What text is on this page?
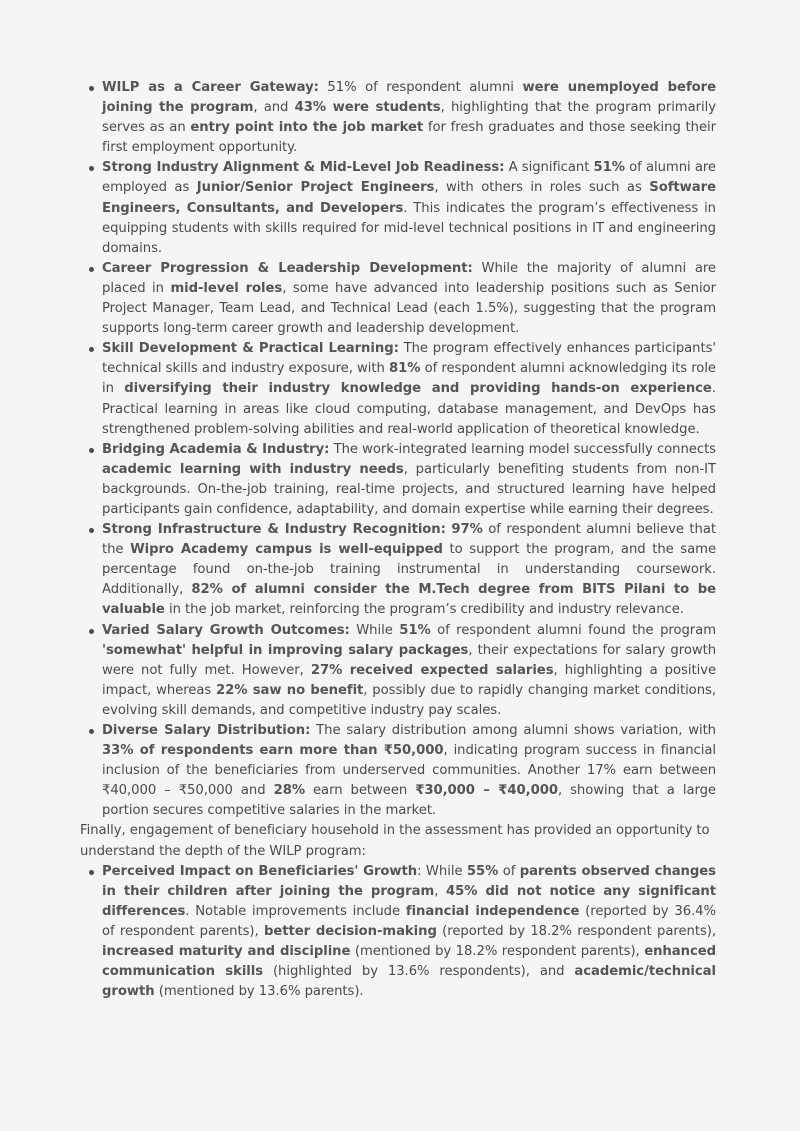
WILP as a Career Gateway: 51% of respondent alumni were unemployed before joining the program, and 43% were students, highlighting that the program primarily serves as an entry point into the job market for fresh graduates and those seeking their first employment opportunity.
Strong Industry Alignment & Mid-Level Job Readiness: A significant 51% of alumni are employed as Junior/Senior Project Engineers, with others in roles such as Software Engineers, Consultants, and Developers. This indicates the program’s effectiveness in equipping students with skills required for mid-level technical positions in IT and engineering domains.
Career Progression & Leadership Development: While the majority of alumni are placed in mid-level roles, some have advanced into leadership positions such as Senior Project Manager, Team Lead, and Technical Lead (each 1.5%), suggesting that the program supports long-term career growth and leadership development.
Skill Development & Practical Learning: The program effectively enhances participants' technical skills and industry exposure, with 81% of respondent alumni acknowledging its role in diversifying their industry knowledge and providing hands-on experience. Practical learning in areas like cloud computing, database management, and DevOps has strengthened problem-solving abilities and real-world application of theoretical knowledge.
Bridging Academia & Industry: The work-integrated learning model successfully connects academic learning with industry needs, particularly benefiting students from non-IT backgrounds. On-the-job training, real-time projects, and structured learning have helped participants gain confidence, adaptability, and domain expertise while earning their degrees.
Strong Infrastructure & Industry Recognition: 97% of respondent alumni believe that the Wipro Academy campus is well-equipped to support the program, and the same percentage found on-the-job training instrumental in understanding coursework. Additionally, 82% of alumni consider the M.Tech degree from BITS Pilani to be valuable in the job market, reinforcing the program’s credibility and industry relevance.
Varied Salary Growth Outcomes: While 51% of respondent alumni found the program 'somewhat' helpful in improving salary packages, their expectations for salary growth were not fully met. However, 27% received expected salaries, highlighting a positive impact, whereas 22% saw no benefit, possibly due to rapidly changing market conditions, evolving skill demands, and competitive industry pay scales.
Diverse Salary Distribution: The salary distribution among alumni shows variation, with 33% of respondents earn more than ₹50,000, indicating program success in financial inclusion of the beneficiaries from underserved communities. Another 17% earn between ₹40,000 – ₹50,000 and 28% earn between ₹30,000 – ₹40,000, showing that a large portion secures competitive salaries in the market.

Finally, engagement of beneficiary household in the assessment has provided an opportunity to understand the depth of the WILP program:

Perceived Impact on Beneficiaries' Growth: While 55% of parents observed changes in their children after joining the program, 45% did not notice any significant differences. Notable improvements include financial independence (reported by 36.4% of respondent parents), better decision-making (reported by 18.2% respondent parents), increased maturity and discipline (mentioned by 18.2% respondent parents), enhanced communication skills (highlighted by 13.6% respondents), and academic/technical growth (mentioned by 13.6% parents).
